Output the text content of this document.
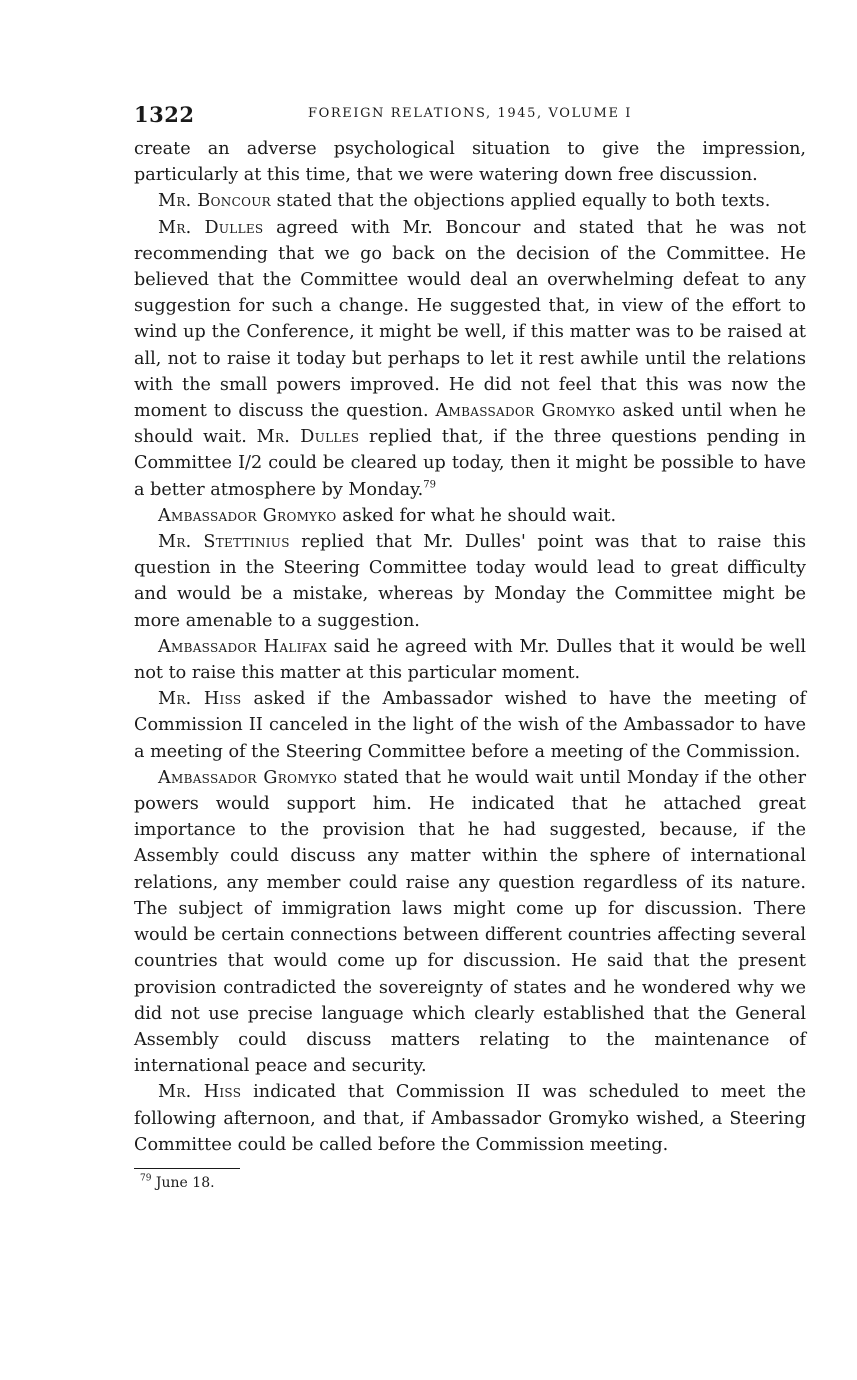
1322	FOREIGN RELATIONS, 1945, VOLUME I

create an adverse psychological situation to give the impression, particularly at this time, that we were watering down free discussion.

Mr. Boncour stated that the objections applied equally to both texts.

Mr. Dulles agreed with Mr. Boncour and stated that he was not recommending that we go back on the decision of the Committee. He believed that the Committee would deal an overwhelming defeat to any suggestion for such a change. He suggested that, in view of the effort to wind up the Conference, it might be well, if this matter was to be raised at all, not to raise it today but perhaps to let it rest awhile until the relations with the small powers improved. He did not feel that this was now the moment to discuss the question. Ambassador Gromyko asked until when he should wait. Mr. Dulles replied that, if the three questions pending in Committee I/2 could be cleared up today, then it might be possible to have a better atmosphere by Monday.$^{79}$

Ambassador Gromyko asked for what he should wait.

Mr. Stettinius replied that Mr. Dulles' point was that to raise this question in the Steering Committee today would lead to great difficulty and would be a mistake, whereas by Monday the Committee might be more amenable to a suggestion.

Ambassador Halifax said he agreed with Mr. Dulles that it would be well not to raise this matter at this particular moment.

Mr. Hiss asked if the Ambassador wished to have the meeting of Commission II canceled in the light of the wish of the Ambassador to have a meeting of the Steering Committee before a meeting of the Commission.

Ambassador Gromyko stated that he would wait until Monday if the other powers would support him. He indicated that he attached great importance to the provision that he had suggested, because, if the Assembly could discuss any matter within the sphere of international relations, any member could raise any question regardless of its nature. The subject of immigration laws might come up for discussion. There would be certain connections between different countries affecting several countries that would come up for discussion. He said that the present provision contradicted the sovereignty of states and he wondered why we did not use precise language which clearly established that the General Assembly could discuss matters relating to the maintenance of international peace and security.

Mr. Hiss indicated that Commission II was scheduled to meet the following afternoon, and that, if Ambassador Gromyko wished, a Steering Committee could be called before the Commission meeting.

$^{79}$ June 18.
